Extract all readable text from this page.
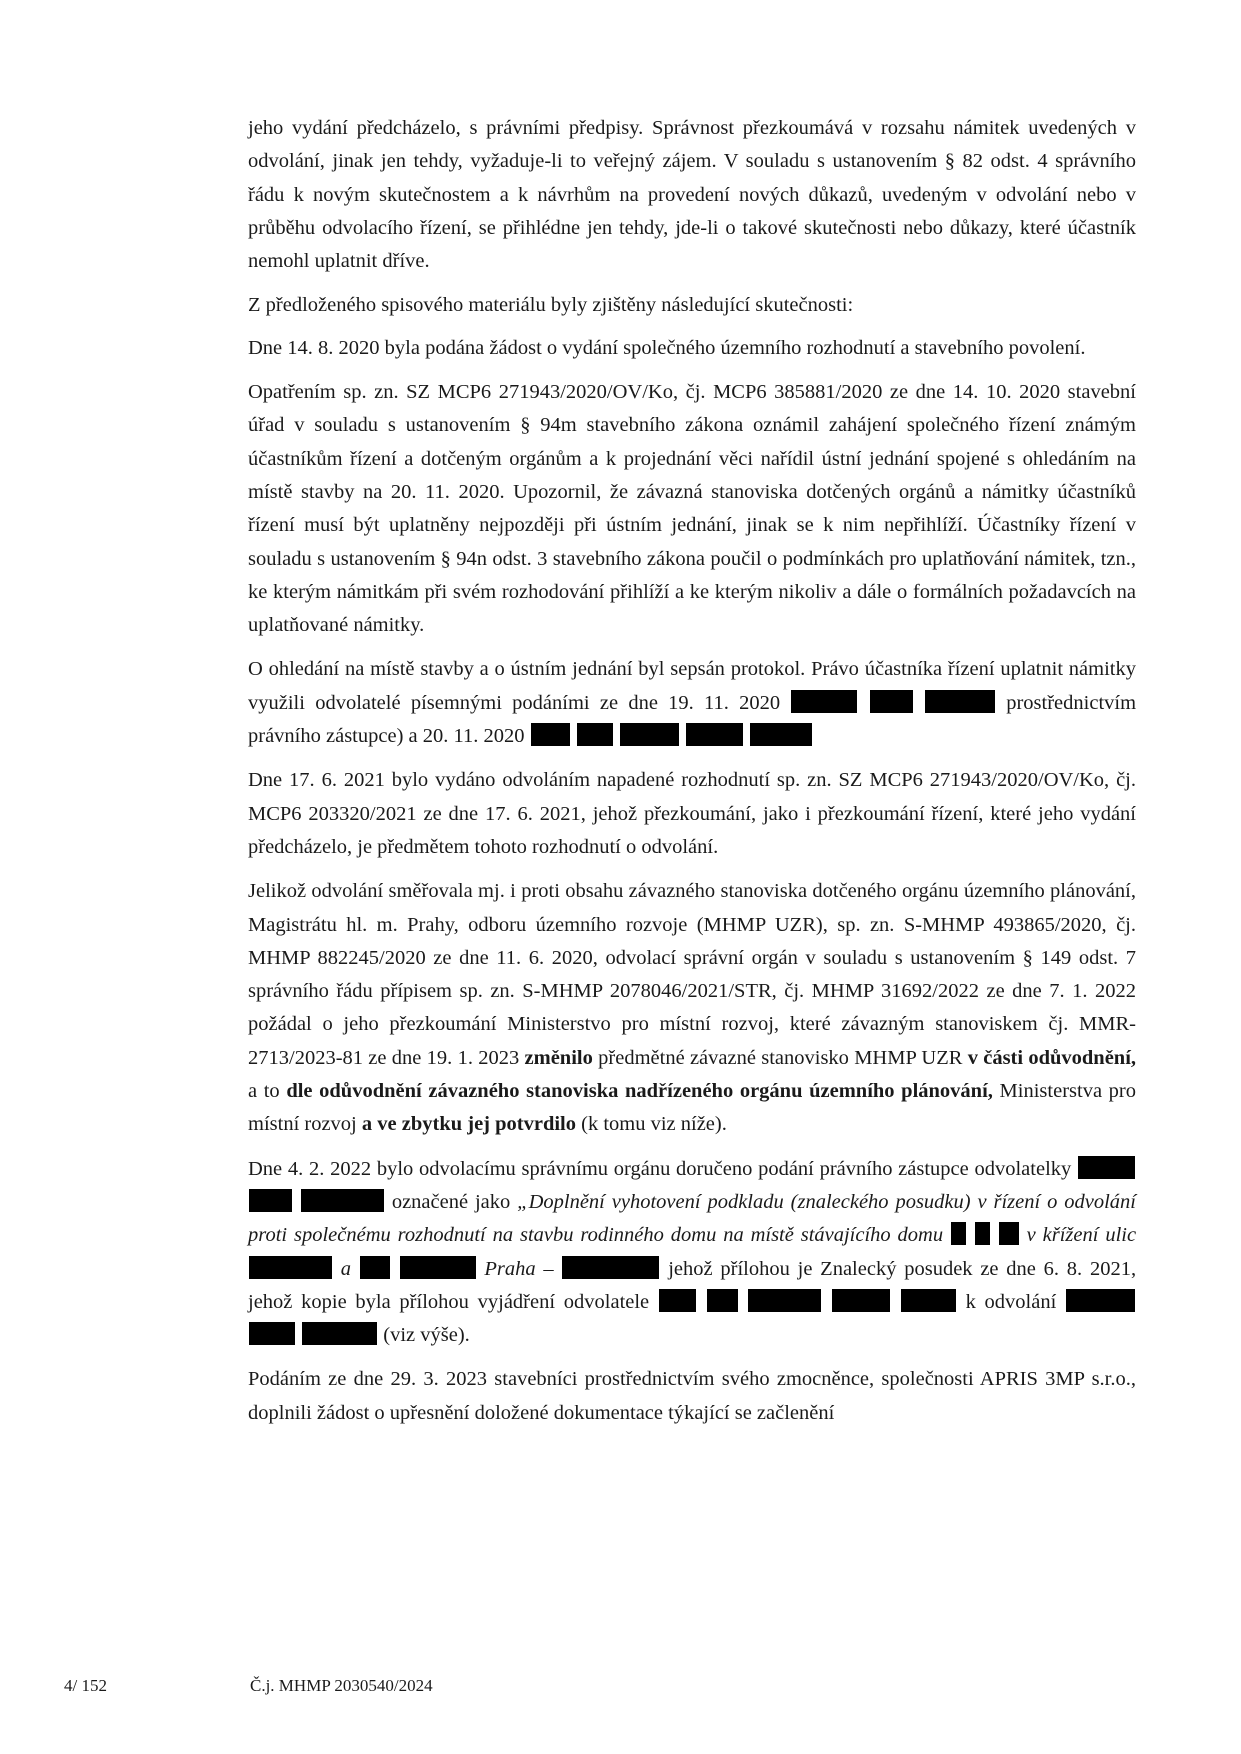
jeho vydání předcházelo, s právními předpisy. Správnost přezkoumává v rozsahu námitek uvedených v odvolání, jinak jen tehdy, vyžaduje-li to veřejný zájem. V souladu s ustanovením § 82 odst. 4 správního řádu k novým skutečnostem a k návrhům na provedení nových důkazů, uvedeným v odvolání nebo v průběhu odvolacího řízení, se přihlédne jen tehdy, jde-li o takové skutečnosti nebo důkazy, které účastník nemohl uplatnit dříve.

Z předloženého spisového materiálu byly zjištěny následující skutečnosti:

Dne 14. 8. 2020 byla podána žádost o vydání společného územního rozhodnutí a stavebního povolení.

Opatřením sp. zn. SZ MCP6 271943/2020/OV/Ko, čj. MCP6 385881/2020 ze dne 14. 10. 2020 stavební úřad v souladu s ustanovením § 94m stavebního zákona oznámil zahájení společného řízení známým účastníkům řízení a dotčeným orgánům a k projednání věci nařídil ústní jednání spojené s ohledáním na místě stavby na 20. 11. 2020. Upozornil, že závazná stanoviska dotčených orgánů a námitky účastníků řízení musí být uplatněny nejpozději při ústním jednání, jinak se k nim nepřihlíží. Účastníky řízení v souladu s ustanovením § 94n odst. 3 stavebního zákona poučil o podmínkách pro uplatňování námitek, tzn., ke kterým námitkám při svém rozhodování přihlíží a ke kterým nikoliv a dále o formálních požadavcích na uplatňované námitky.

O ohledání na místě stavby a o ústním jednání byl sepsán protokol. Právo účastníka řízení uplatnit námitky využili odvolatelé písemnými podáními ze dne 19. 11. 2020	prostřednictvím právního zástupce) a 20. 11. 2020

Dne 17. 6. 2021 bylo vydáno odvoláním napadené rozhodnutí sp. zn. SZ MCP6 271943/2020/OV/Ko, čj. MCP6 203320/2021 ze dne 17. 6. 2021, jehož přezkoumání, jako i přezkoumání řízení, které jeho vydání předcházelo, je předmětem tohoto rozhodnutí o odvolání.

Jelikož odvolání směřovala mj. i proti obsahu závazného stanoviska dotčeného orgánu územního plánování, Magistrátu hl. m. Prahy, odboru územního rozvoje (MHMP UZR), sp. zn. S-MHMP 493865/2020, čj. MHMP 882245/2020 ze dne 11. 6. 2020, odvolací správní orgán v souladu s ustanovením § 149 odst. 7 správního řádu přípisem sp. zn. S-MHMP 2078046/2021/STR, čj. MHMP 31692/2022 ze dne 7. 1. 2022 požádal o jeho přezkoumání Ministerstvo pro místní rozvoj, které závazným stanoviskem čj. MMR-2713/2023-81 ze dne 19. 1. 2023 změnilo předmětné závazné stanovisko MHMP UZR v části odůvodnění, a to dle odůvodnění závazného stanoviska nadřízeného orgánu územního plánování, Ministerstva pro místní rozvoj a ve zbytku jej potvrdilo (k tomu viz níže).

Dne 4. 2. 2022 bylo odvolacímu správnímu orgánu doručeno podání právního zástupce odvolatelky    označené jako „Doplnění vyhotovení podkladu (znaleckého posudku) v řízení o odvolání proti společnému rozhodnutí na stavbu rodinného domu na místě stávajícího domu	v křížení ulic  a	Praha –	jehož přílohou je Znalecký posudek ze dne 6. 8. 2021, jehož kopie byla přílohou vyjádření odvolatele	k odvolání    (viz výše).

Podáním ze dne 29. 3. 2023 stavebníci prostřednictvím svého zmocněnce, společnosti APRIS 3MP s.r.o., doplnili žádost o upřesnění doložené dokumentace týkající se začlenění

4/ 152	Č.j. MHMP 2030540/2024
